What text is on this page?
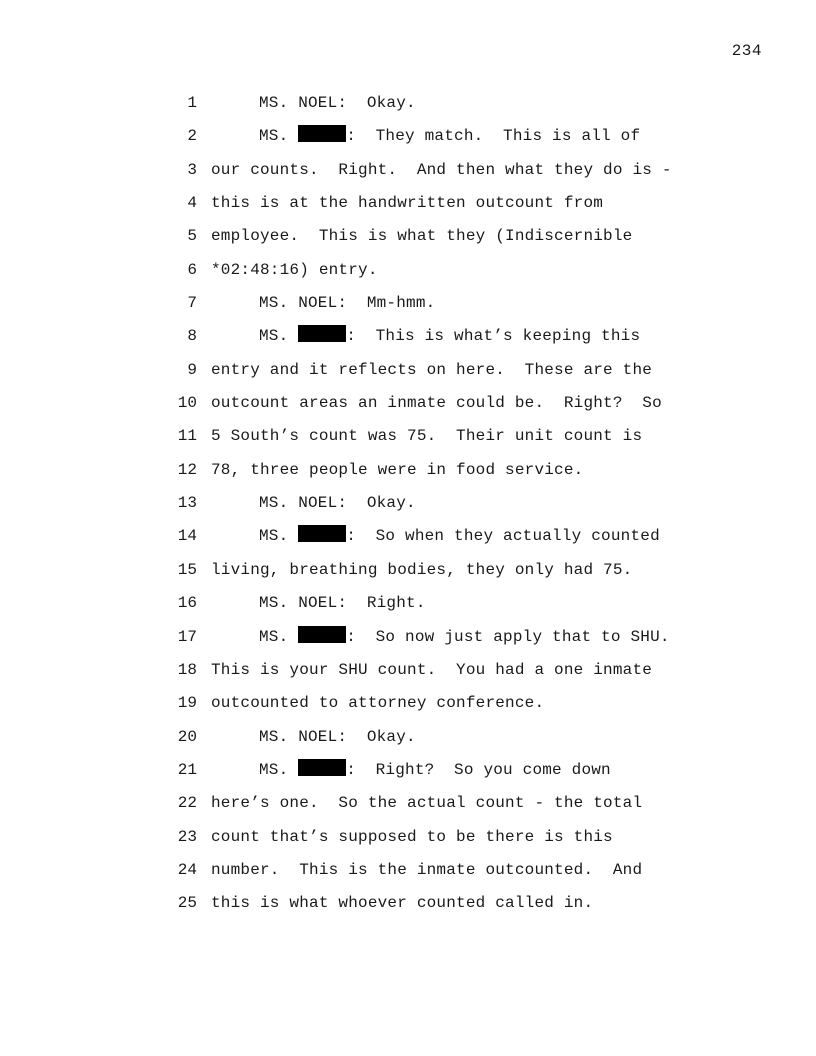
234
1	MS. NOEL:  Okay.
2	MS.	:  They match.  This is all of
3 our counts.  Right.  And then what they do is -
4 this is at the handwritten outcount from
5 employee.  This is what they (Indiscernible
6 *02:48:16) entry.
7	MS. NOEL:  Mm-hmm.
8	MS.	:  This is what’s keeping this
9 entry and it reflects on here.  These are the
10 outcount areas an inmate could be.  Right?  So
11 5 South’s count was 75.  Their unit count is
12 78, three people were in food service.
13	MS. NOEL:  Okay.
14	MS.	:  So when they actually counted
15 living, breathing bodies, they only had 75.
16	MS. NOEL:  Right.
17	MS.	:  So now just apply that to SHU.
18 This is your SHU count.  You had a one inmate
19 outcounted to attorney conference.
20	MS. NOEL:  Okay.
21	MS.	:  Right?  So you come down
22 here’s one.  So the actual count - the total
23 count that’s supposed to be there is this
24 number.  This is the inmate outcounted.  And
25 this is what whoever counted called in.
